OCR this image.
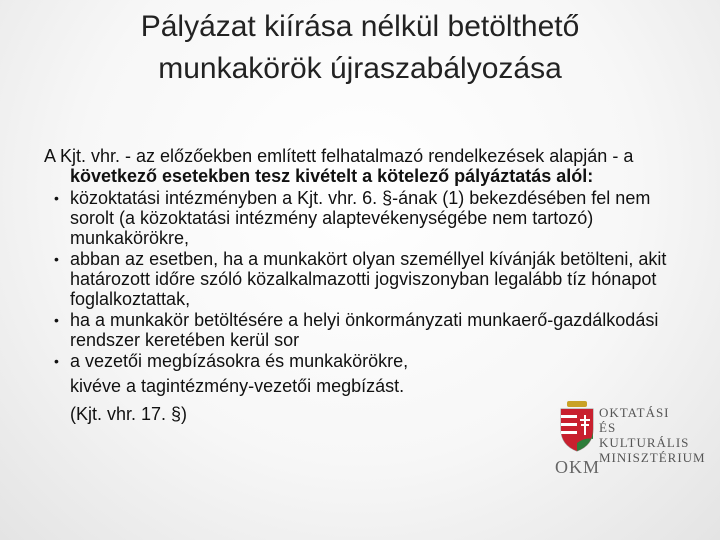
Pályázat kiírása nélkül betölthető
munkakörök újraszabályozása

A Kjt. vhr. - az előzőekben említett felhatalmazó rendelkezések alapján - a következő esetekben tesz kivételt a kötelező pályáztatás alól:

• közoktatási intézményben a Kjt. vhr. 6. §-ának (1) bekezdésében fel nem sorolt (a közoktatási intézmény alaptevékenységébe nem tartozó) munkakörökre,
• abban az esetben, ha a munkakört olyan személlyel kívánják betölteni, akit határozott időre szóló közalkalmazotti jogviszonyban legalább tíz hónapot foglalkoztattak,
• ha a munkakör betöltésére a helyi önkormányzati munkaerő-gazdálkodási rendszer keretében kerül sor
• a vezetői megbízásokra és munkakörökre,
kivéve a tagintézmény-vezetői megbízást.
(Kjt. vhr. 17. §)	OKTATÁSI
ÉS KULTURÁLIS
MINISZTÉRIUM
OKM
